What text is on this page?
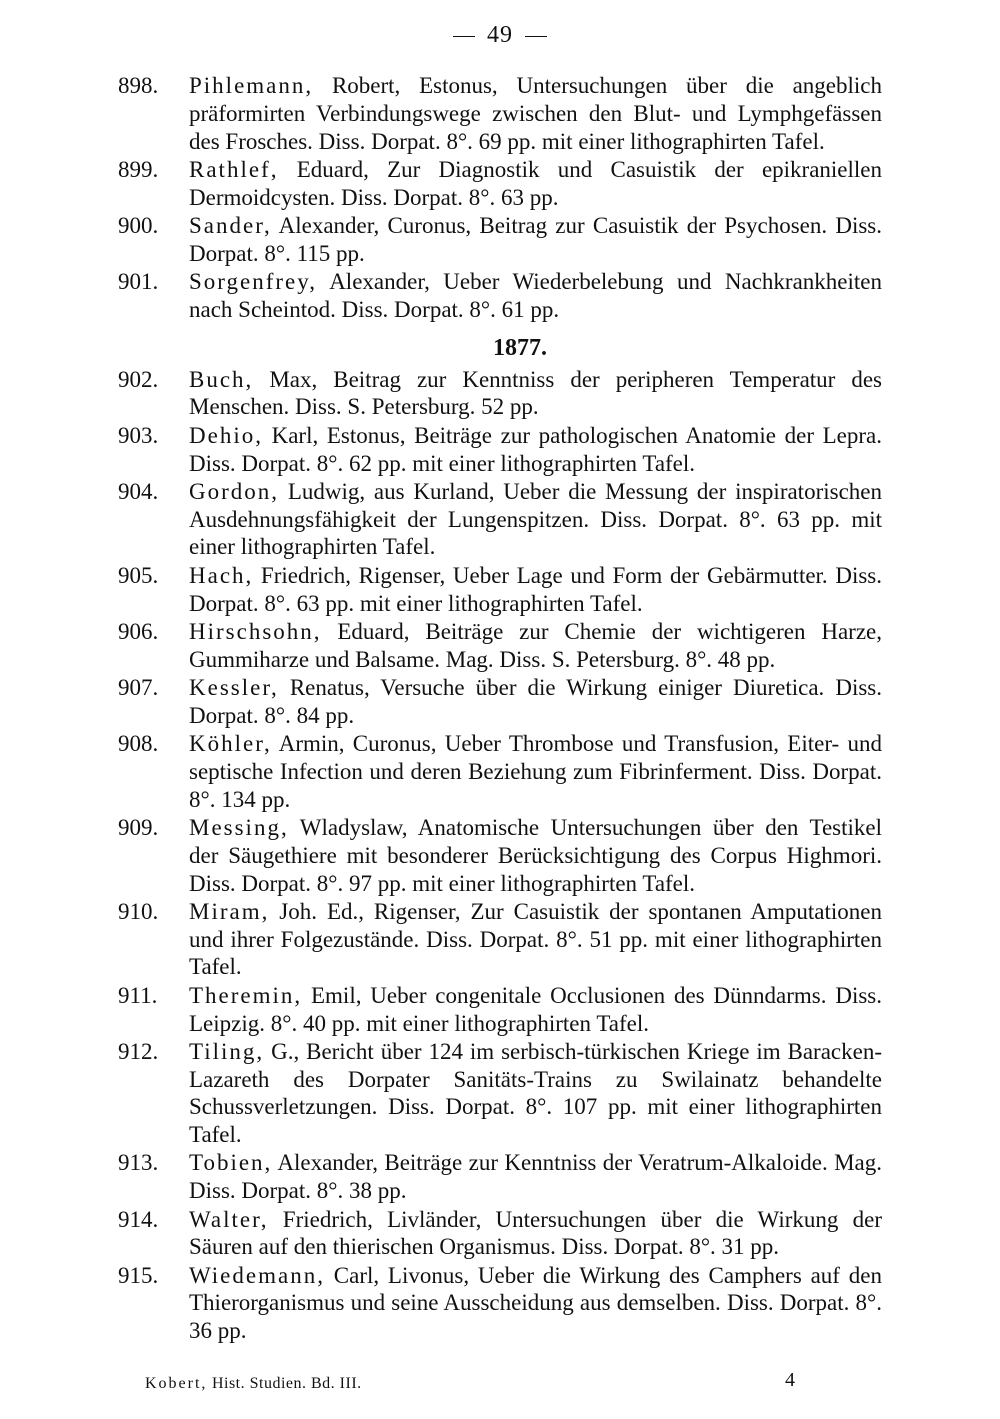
49
898.	Pihlemann, Robert, Estonus, Untersuchungen über die angeblich präformirten Verbindungswege zwischen den Blut- und Lymphgefässen des Frosches. Diss. Dorpat. 8°. 69 pp. mit einer lithographirten Tafel.
899.	Rathlef, Eduard, Zur Diagnostik und Casuistik der epikraniellen Dermoidcysten. Diss. Dorpat. 8°. 63 pp.
900.	Sander, Alexander, Curonus, Beitrag zur Casuistik der Psychosen. Diss. Dorpat. 8°. 115 pp.
901.	Sorgenfrey, Alexander, Ueber Wiederbelebung und Nachkrankheiten nach Scheintod. Diss. Dorpat. 8°. 61 pp.
1877.
902.	Buch, Max, Beitrag zur Kenntniss der peripheren Temperatur des Menschen. Diss. S. Petersburg. 52 pp.
903.	Dehio, Karl, Estonus, Beiträge zur pathologischen Anatomie der Lepra. Diss. Dorpat. 8°. 62 pp. mit einer lithographirten Tafel.
904.	Gordon, Ludwig, aus Kurland, Ueber die Messung der inspiratorischen Ausdehnungsfähigkeit der Lungenspitzen. Diss. Dorpat. 8°. 63 pp. mit einer lithographirten Tafel.
905.	Hach, Friedrich, Rigenser, Ueber Lage und Form der Gebärmutter. Diss. Dorpat. 8°. 63 pp. mit einer lithographirten Tafel.
906.	Hirschsohn, Eduard, Beiträge zur Chemie der wichtigeren Harze, Gummiharze und Balsame. Mag. Diss. S. Petersburg. 8°. 48 pp.
907.	Kessler, Renatus, Versuche über die Wirkung einiger Diuretica. Diss. Dorpat. 8°. 84 pp.
908.	Köhler, Armin, Curonus, Ueber Thrombose und Transfusion, Eiter- und septische Infection und deren Beziehung zum Fibrinferment. Diss. Dorpat. 8°. 134 pp.
909.	Messing, Wladyslaw, Anatomische Untersuchungen über den Testikel der Säugethiere mit besonderer Berücksichtigung des Corpus Highmori. Diss. Dorpat. 8°. 97 pp. mit einer lithographirten Tafel.
910.	Miram, Joh. Ed., Rigenser, Zur Casuistik der spontanen Amputationen und ihrer Folgezustände. Diss. Dorpat. 8°. 51 pp. mit einer lithographirten Tafel.
911.	Theremin, Emil, Ueber congenitale Occlusionen des Dünndarms. Diss. Leipzig. 8°. 40 pp. mit einer lithographirten Tafel.
912.	Tiling, G., Bericht über 124 im serbisch-türkischen Kriege im Baracken-Lazareth des Dorpater Sanitäts-Trains zu Swilainatz behandelte Schussverletzungen. Diss. Dorpat. 8°. 107 pp. mit einer lithographirten Tafel.
913.	Tobien, Alexander, Beiträge zur Kenntniss der Veratrum-Alkaloide. Mag. Diss. Dorpat. 8°. 38 pp.
914.	Walter, Friedrich, Livländer, Untersuchungen über die Wirkung der Säuren auf den thierischen Organismus. Diss. Dorpat. 8°. 31 pp.
915.	Wiedemann, Carl, Livonus, Ueber die Wirkung des Camphers auf den Thierorganismus und seine Ausscheidung aus demselben. Diss. Dorpat. 8°. 36 pp.
Kobert, Hist. Studien. Bd. III.	4
